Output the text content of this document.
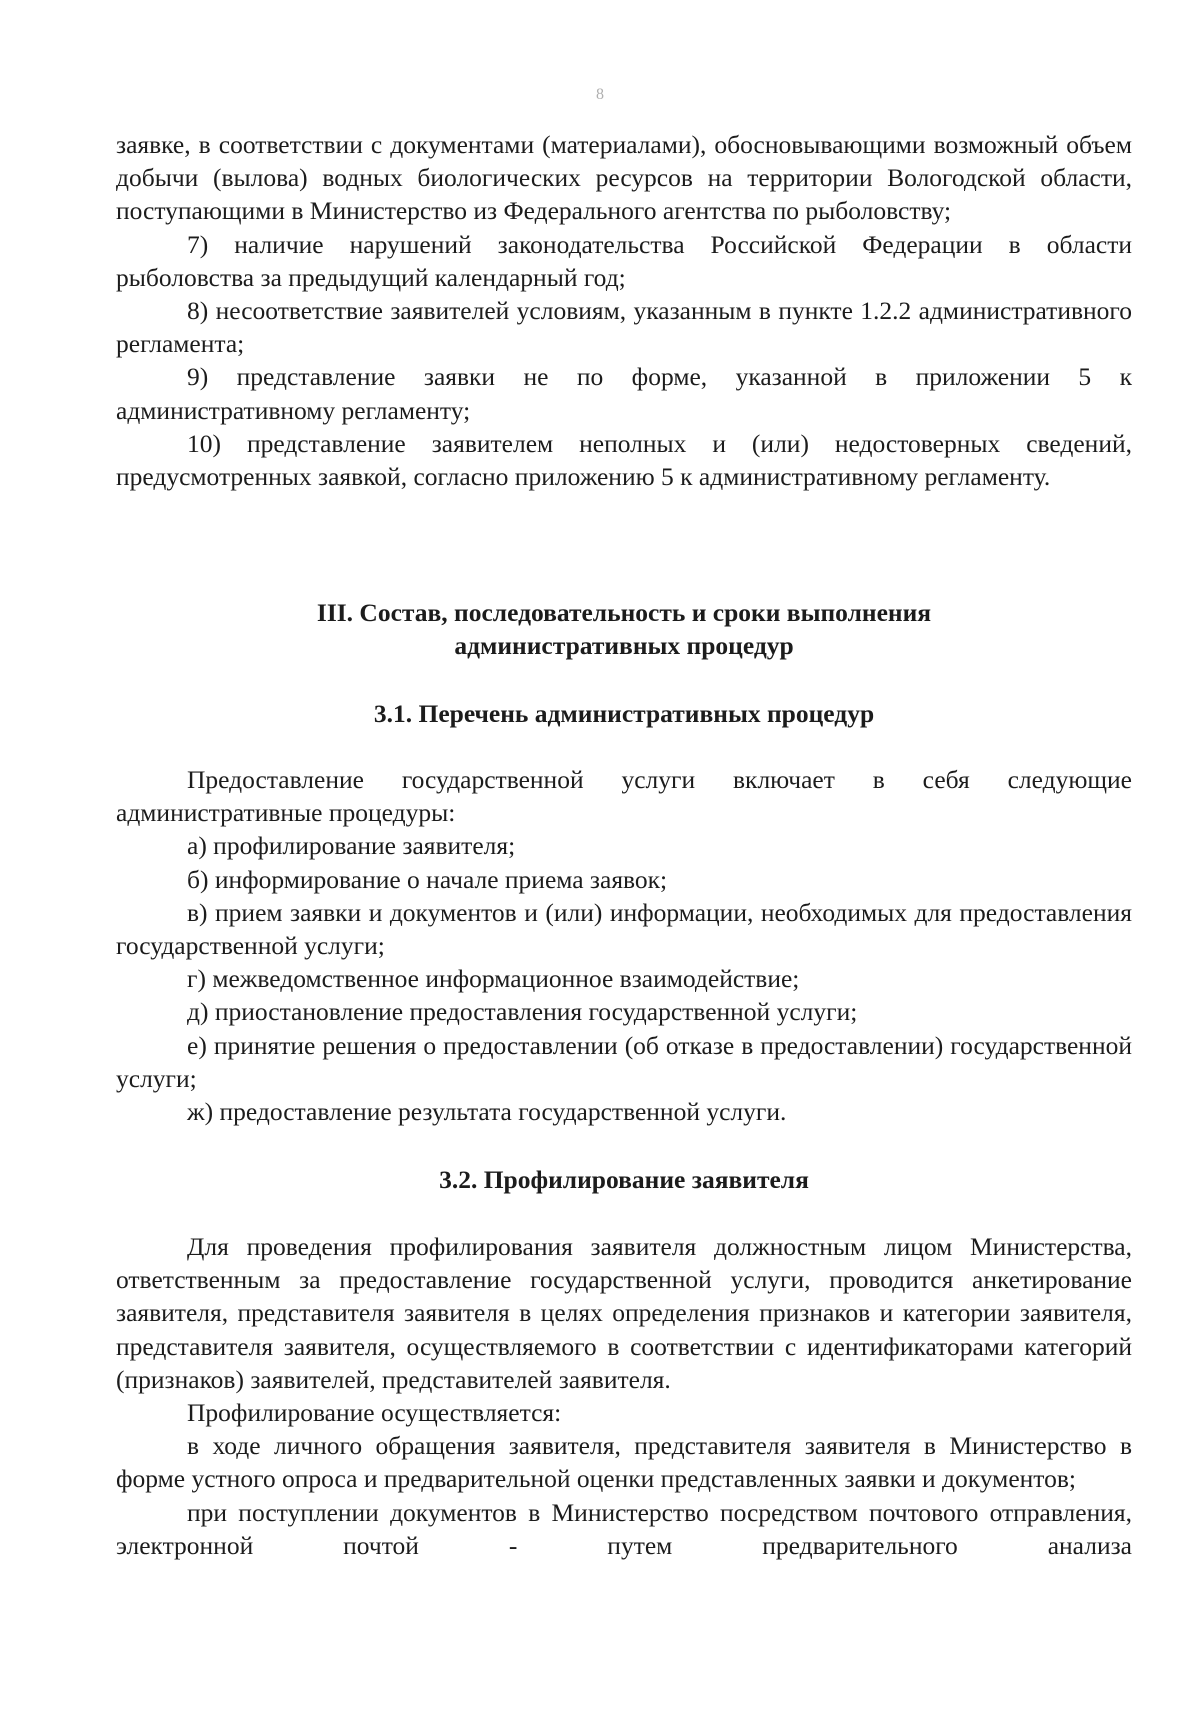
8

заявке, в соответствии с документами (материалами), обосновывающими возможный объем добычи (вылова) водных биологических ресурсов на территории Вологодской области, поступающими в Министерство из Федерального агентства по рыболовству;

7) наличие нарушений законодательства Российской Федерации в области рыболовства за предыдущий календарный год;

8) несоответствие заявителей условиям, указанным в пункте 1.2.2 административного регламента;

9) представление заявки не по форме, указанной в приложении 5 к административному регламенту;

10) представление заявителем неполных и (или) недостоверных сведений, предусмотренных заявкой, согласно приложению 5 к административному регламенту.

III. Состав, последовательность и сроки выполнения
административных процедур
3.1. Перечень административных процедур

Предоставление государственной услуги включает в себя следующие административные процедуры:

а) профилирование заявителя;

б) информирование о начале приема заявок;

в) прием заявки и документов и (или) информации, необходимых для предоставления государственной услуги;

г) межведомственное информационное взаимодействие;

д) приостановление предоставления государственной услуги;

е) принятие решения о предоставлении (об отказе в предоставлении) государственной услуги;

ж) предоставление результата государственной услуги.

3.2. Профилирование заявителя

Для проведения профилирования заявителя должностным лицом Министерства, ответственным за предоставление государственной услуги, проводится анкетирование заявителя, представителя заявителя в целях определения признаков и категории заявителя, представителя заявителя, осуществляемого в соответствии с идентификаторами категорий (признаков) заявителей, представителей заявителя.

Профилирование осуществляется:

в ходе личного обращения заявителя, представителя заявителя в Министерство в форме устного опроса и предварительной оценки представленных заявки и документов;

при поступлении документов в Министерство посредством почтового отправления, электронной почтой - путем предварительного анализа
